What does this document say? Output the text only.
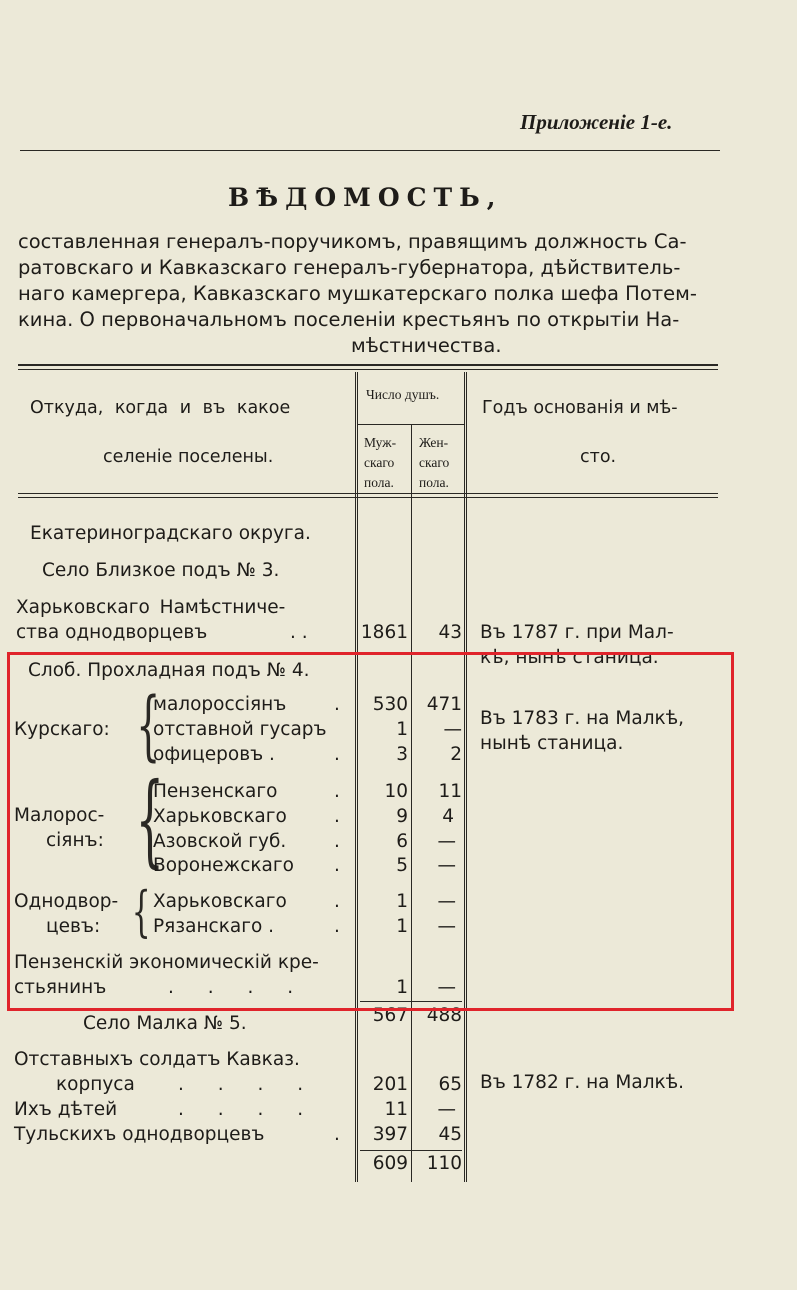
Приложенiе 1-е.
ВѢДОМОСТЬ,
составленная генералъ-поручикомъ, правящимъ должность Са-
ратовскаго и Кавказскаго генералъ-губернатора, дѣйствитель-
наго камергера, Кавказскаго мушкатерскаго полка шефа Потем-
кина. О первоначальномъ поселенiи крестьянъ по открытiи На-
мѣстничества.
Откуда, когда и въ какое
селенiе поселены.
Число душъ.
Муж-
скаго
пола.
Жен-
скаго
пола.
Годъ основанiя и мѣ-
сто.
Екатериноградскаго округа.
Село Близкое подъ № 3.
Харьковскаго Намѣстниче-
ства однодворцевъ	. .	1861	43 Въ 1787 г. при Мал-
кѣ, нынѣ станица.
Слоб. Прохладная подъ № 4.
Курскаго: {
малороссiянъ	.	530	471
отставной гусаръ	1	—
офицеровъ .	.	3	2
Въ 1783 г. на Малкѣ,
нынѣ станица.
Малорос-
сiянъ: {
Пензенскаго	.	10	11
Харьковскаго	.	9	4
Азовской губ.	.	6	—
Воронежскаго .	5	—
Однодвор-
цевъ: { Харьковскаго	.	1	—
Рязанскаго .	.	1	—
Пензенскiй экономическiй кре-
стьянинъ	. . . .	1	—
567	488
Село Малка № 5.
Отставныхъ солдатъ Кавказ.
корпуса . . . .	201	65 Въ 1782 г. на Малкѣ.
Ихъ дѣтей	. . . .	11	—
Тульскихъ однодворцевъ	.	397	45
609	110
